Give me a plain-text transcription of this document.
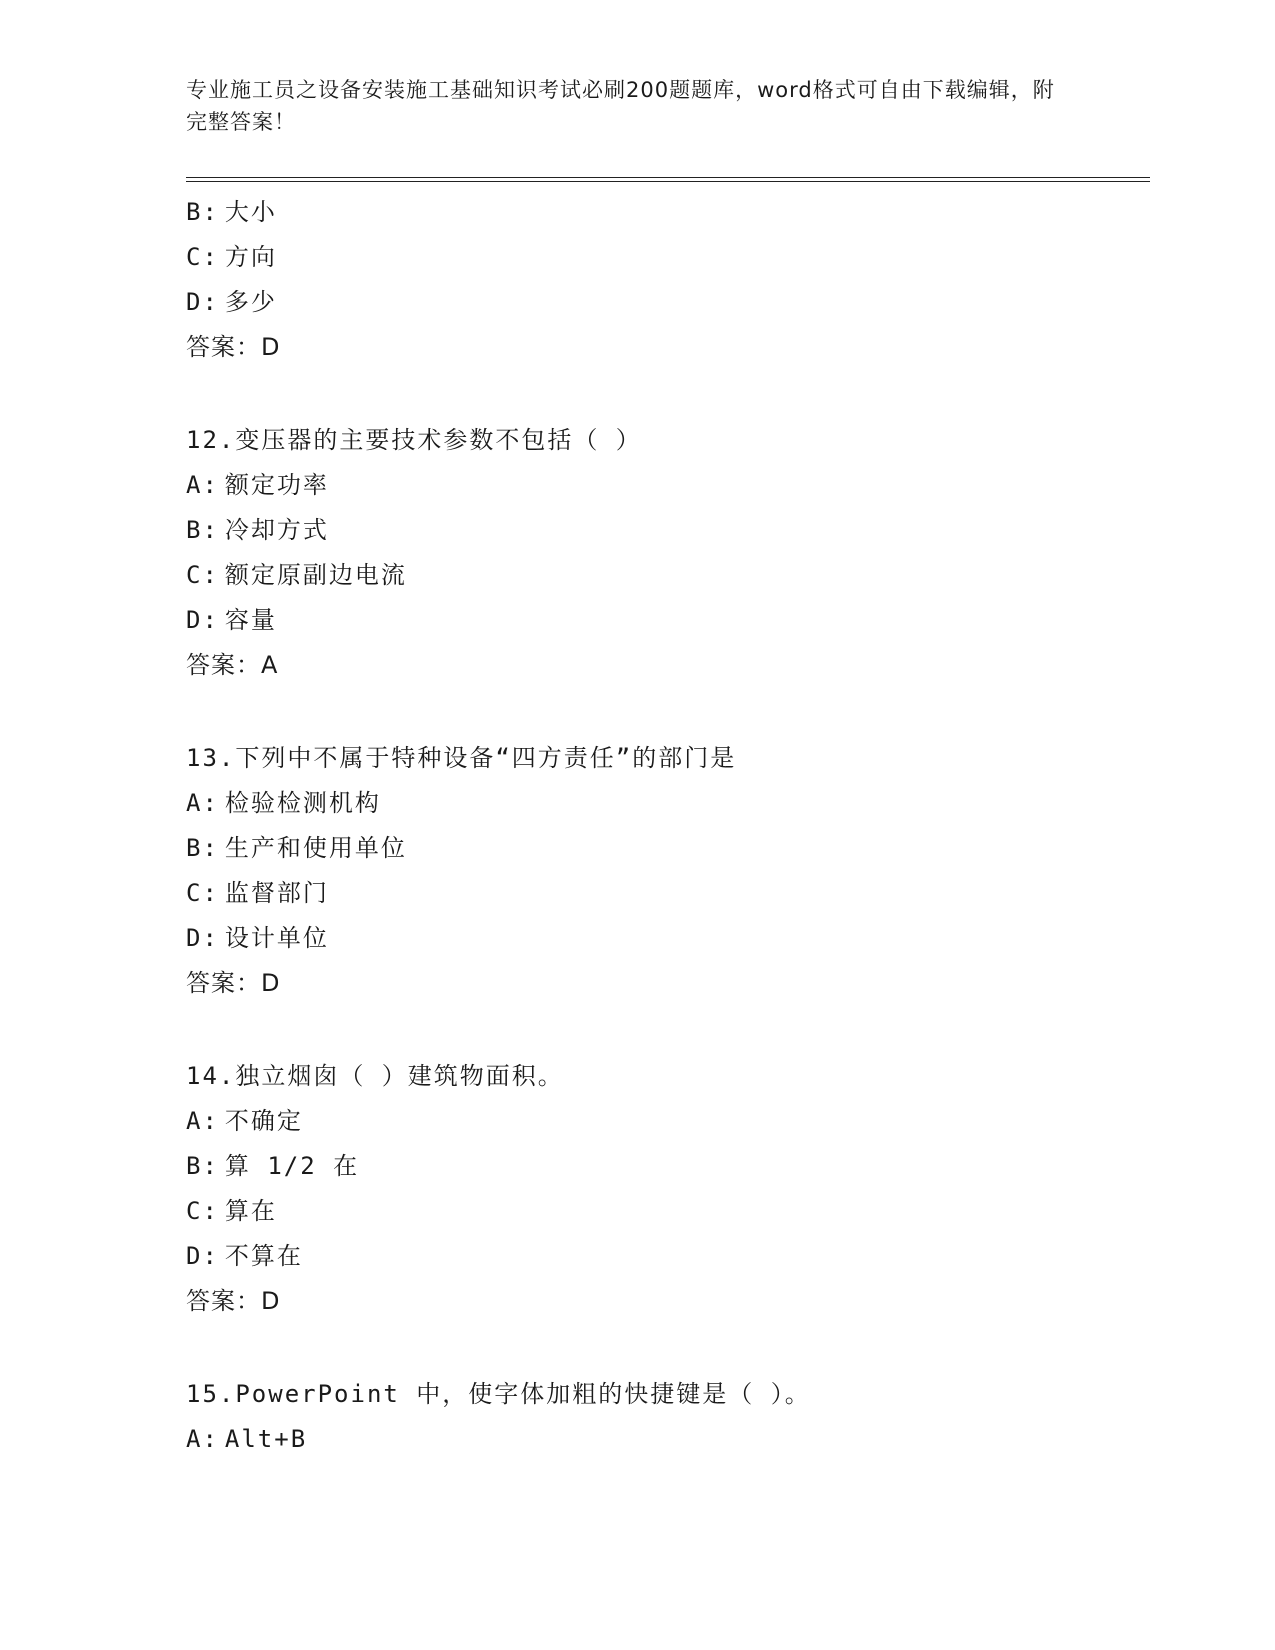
专业施工员之设备安装施工基础知识考试必刷200题题库，word格式可自由下载编辑，附完整答案！
B: 大小
C: 方向
D: 多少
答案：D
12.变压器的主要技术参数不包括（ ）
A: 额定功率
B: 冷却方式
C: 额定原副边电流
D: 容量
答案：A
13.下列中不属于特种设备“四方责任”的部门是
A: 检验检测机构
B: 生产和使用单位
C: 监督部门
D: 设计单位
答案：D
14.独立烟囱（ ）建筑物面积。
A: 不确定
B: 算 1/2 在
C: 算在
D: 不算在
答案：D
15.PowerPoint 中，使字体加粗的快捷键是（ ）。
A: Alt+B
